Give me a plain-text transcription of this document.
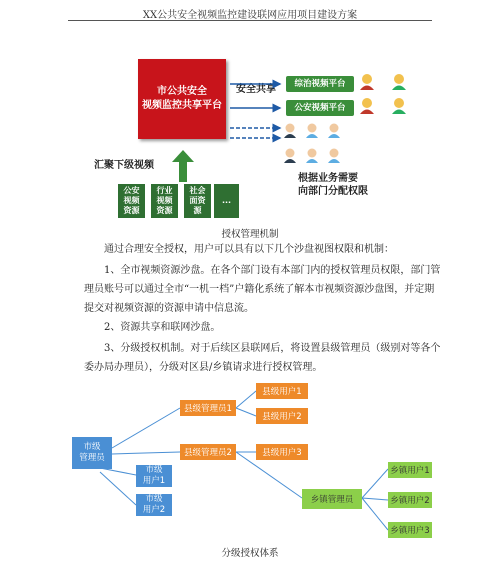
XX公共安全视频监控建设联网应用项目建设方案
市公共安全
视频监控共享平台
安全共享	综治视频平台
公安视频平台
根据业务需要
向部门分配权限
汇聚下级视频
公安
视频
资源
行业
视频
资源
社会
面资
源
...
授权管理机制
通过合理安全授权，用户可以具有以下几个沙盘视图权限和机制：
1、全市视频资源沙盘。在各个部门设有本部门内的授权管理员权限，部门管理员账号可以通过全市“一机一档”户籍化系统了解本市视频资源沙盘图，并定期提交对视频资源的资源申请中信息流。
2、资源共享和联网沙盘。
3、分级授权机制。对于后续区县联网后，将设置县级管理员（级别对等各个委办局办理员），分级对区县/乡镇请求进行授权管理。
市级
管理员
县级管理员1
县级管理员2
县级用户1
县级用户2
县级用户3
市级
用户1
市级
用户2
乡镇管理员
乡镇用户1
乡镇用户2
乡镇用户3
分级授权体系
